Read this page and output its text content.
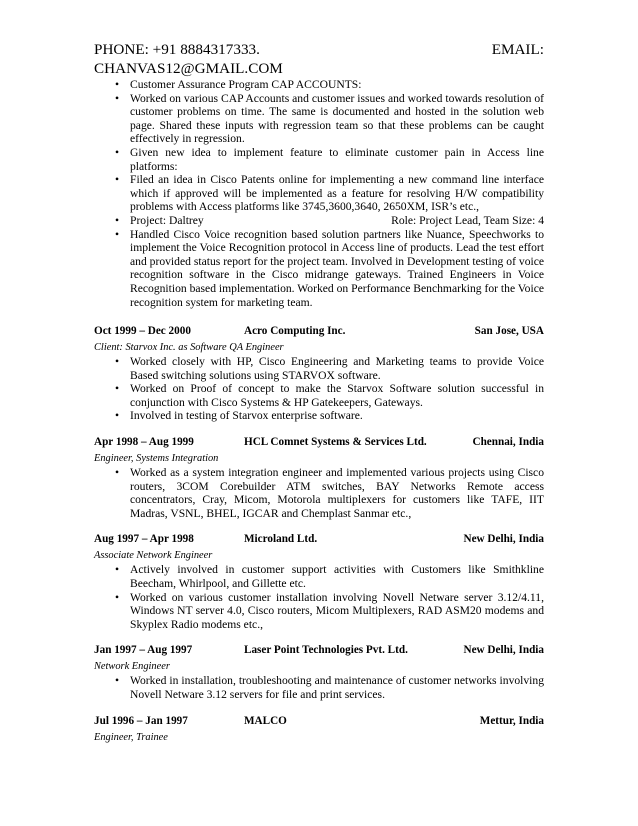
PHONE: +91 8884317333.	EMAIL:
CHANVAS12@GMAIL.COM
• Customer Assurance Program CAP ACCOUNTS:
• Worked on various CAP Accounts and customer issues and worked towards resolution of customer problems on time. The same is documented and hosted in the solution web page. Shared these inputs with regression team so that these problems can be caught effectively in regression.
• Given new idea to implement feature to eliminate customer pain in Access line platforms:
• Filed an idea in Cisco Patents online for implementing a new command line interface which if approved will be implemented as a feature for resolving H/W compatibility problems with Access platforms like 3745,3600,3640, 2650XM, ISR’s etc.,
• Project: Daltrey	Role: Project Lead, Team Size: 4
• Handled Cisco Voice recognition based solution partners like Nuance, Speechworks to implement the Voice Recognition protocol in Access line of products. Lead the test effort and provided status report for the project team. Involved in Development testing of voice recognition software in the Cisco midrange gateways. Trained Engineers in Voice Recognition based implementation. Worked on Performance Benchmarking for the Voice recognition system for marketing team.
Oct 1999 – Dec 2000	Acro Computing Inc.	San Jose, USA
Client: Starvox Inc. as Software QA Engineer
• Worked closely with HP, Cisco Engineering and Marketing teams to provide Voice Based switching solutions using STARVOX software.
• Worked on Proof of concept to make the Starvox Software solution successful in conjunction with Cisco Systems & HP Gatekeepers, Gateways.
• Involved in testing of Starvox enterprise software.
Apr 1998 – Aug 1999	HCL Comnet Systems & Services Ltd.	Chennai, India
Engineer, Systems Integration
• Worked as a system integration engineer and implemented various projects using Cisco routers, 3COM Corebuilder ATM switches, BAY Networks Remote access concentrators, Cray, Micom, Motorola multiplexers for customers like TAFE, IIT Madras, VSNL, BHEL, IGCAR and Chemplast Sanmar etc.,
Aug 1997 – Apr 1998	Microland Ltd.	New Delhi, India
Associate Network Engineer
• Actively involved in customer support activities with Customers like Smithkline Beecham, Whirlpool, and Gillette etc.
• Worked on various customer installation involving Novell Netware server 3.12/4.11, Windows NT server 4.0, Cisco routers, Micom Multiplexers, RAD ASM20 modems and Skyplex Radio modems etc.,
Jan 1997 – Aug 1997	Laser Point Technologies Pvt. Ltd.	New Delhi, India
Network Engineer
• Worked in installation, troubleshooting and maintenance of customer networks involving Novell Netware 3.12 servers for file and print services.
Jul 1996 – Jan 1997	MALCO	Mettur, India
Engineer, Trainee
